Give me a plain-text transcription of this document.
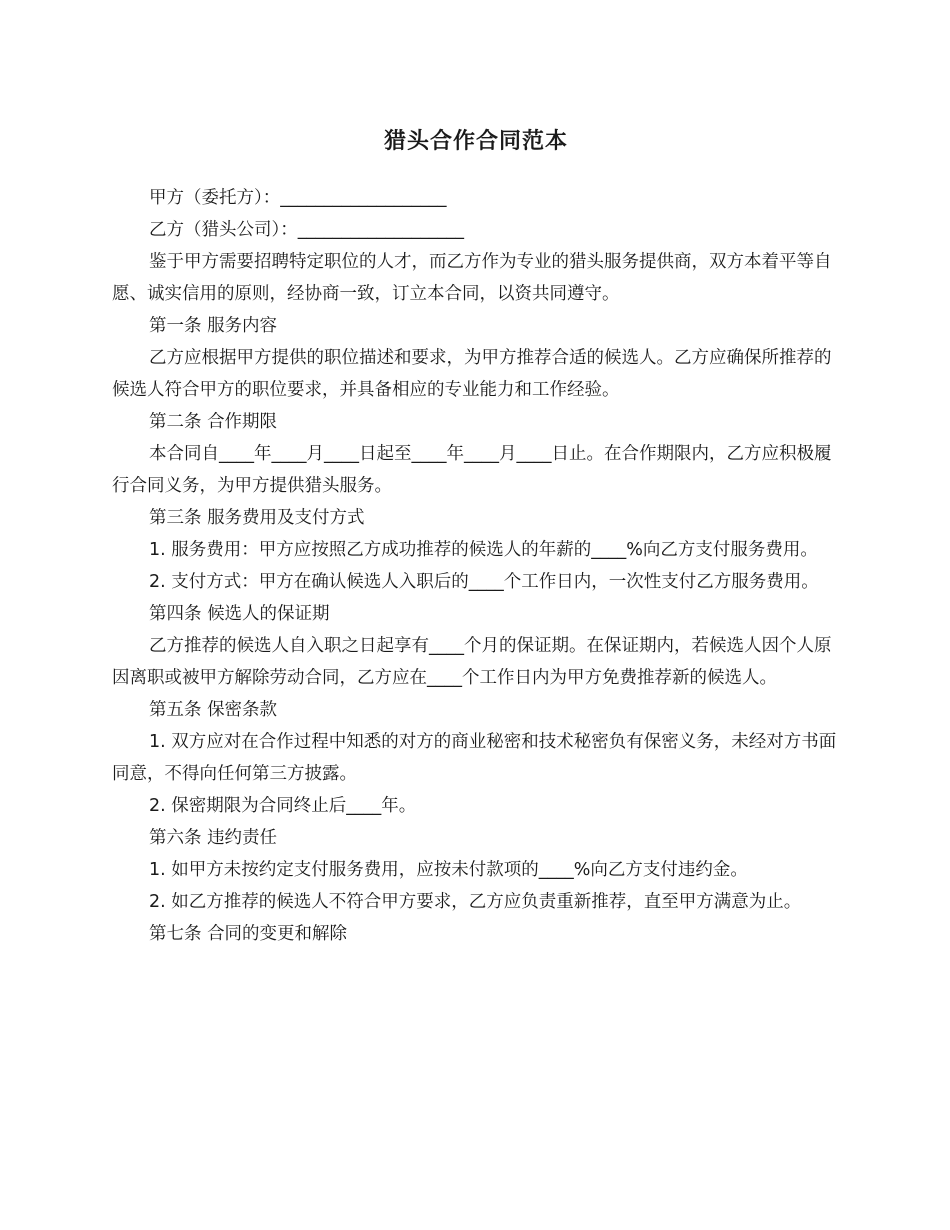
猎头合作合同范本

甲方（委托方）：___________________

乙方（猎头公司）：___________________

鉴于甲方需要招聘特定职位的人才，而乙方作为专业的猎头服务提供商，双方本着平等自愿、诚实信用的原则，经协商一致，订立本合同，以资共同遵守。

第一条 服务内容

乙方应根据甲方提供的职位描述和要求，为甲方推荐合适的候选人。乙方应确保所推荐的候选人符合甲方的职位要求，并具备相应的专业能力和工作经验。

第二条 合作期限

本合同自____年____月____日起至____年____月____日止。在合作期限内，乙方应积极履行合同义务，为甲方提供猎头服务。

第三条 服务费用及支付方式

1. 服务费用：甲方应按照乙方成功推荐的候选人的年薪的____%向乙方支付服务费用。

2. 支付方式：甲方在确认候选人入职后的____个工作日内，一次性支付乙方服务费用。

第四条 候选人的保证期

乙方推荐的候选人自入职之日起享有____个月的保证期。在保证期内，若候选人因个人原因离职或被甲方解除劳动合同，乙方应在____个工作日内为甲方免费推荐新的候选人。

第五条 保密条款

1. 双方应对在合作过程中知悉的对方的商业秘密和技术秘密负有保密义务，未经对方书面同意，不得向任何第三方披露。

2. 保密期限为合同终止后____年。

第六条 违约责任

1. 如甲方未按约定支付服务费用，应按未付款项的____%向乙方支付违约金。

2. 如乙方推荐的候选人不符合甲方要求，乙方应负责重新推荐，直至甲方满意为止。

第七条 合同的变更和解除
